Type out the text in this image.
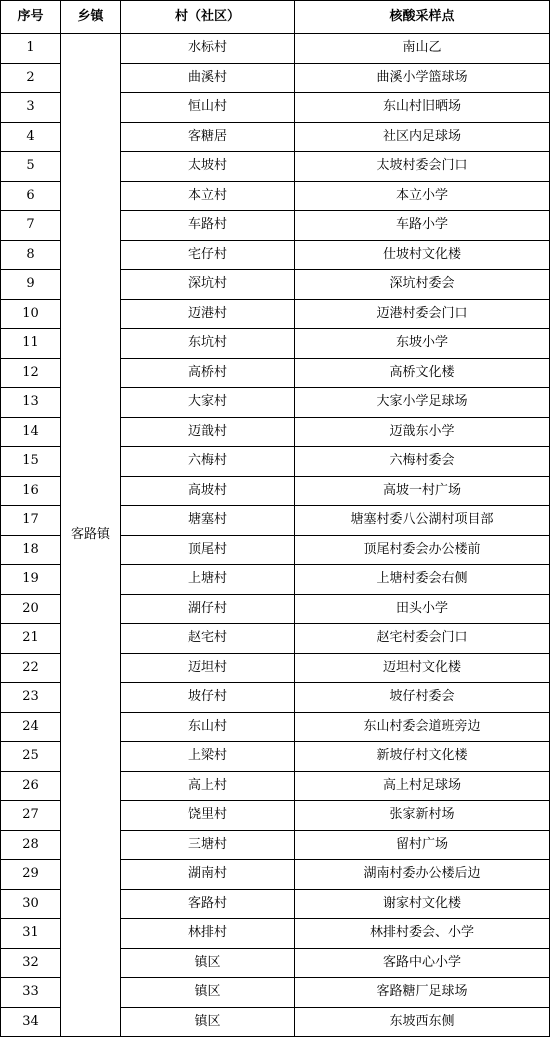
序号	乡镇	村（社区）	核酸采样点
1	客路镇	水标村	南山乙
2		曲溪村	曲溪小学篮球场
3		恒山村	东山村旧晒场
4		客糖居	社区内足球场
5		太坡村	太坡村委会门口
6		本立村	本立小学
7		车路村	车路小学
8		宅仔村	仕坡村文化楼
9		深坑村	深坑村委会
10		迈港村	迈港村委会门口
11		东坑村	东坡小学
12		高桥村	高桥文化楼
13		大家村	大家小学足球场
14		迈戠村	迈戠东小学
15		六梅村	六梅村委会
16		高坡村	高坡一村广场
17		塘塞村	塘塞村委八公湖村项目部
18		顶尾村	顶尾村委会办公楼前
19		上塘村	上塘村委会右侧
20		湖仔村	田头小学
21		赵宅村	赵宅村委会门口
22		迈坦村	迈坦村文化楼
23		坡仔村	坡仔村委会
24		东山村	东山村委会道班旁边
25		上梁村	新坡仔村文化楼
26		高上村	高上村足球场
27		饶里村	张家新村场
28		三塘村	留村广场
29		湖南村	湖南村委办公楼后边
30		客路村	谢家村文化楼
31		林排村	林排村委会、小学
32		镇区	客路中心小学
33		镇区	客路糖厂足球场
34		镇区	东坡西东侧
